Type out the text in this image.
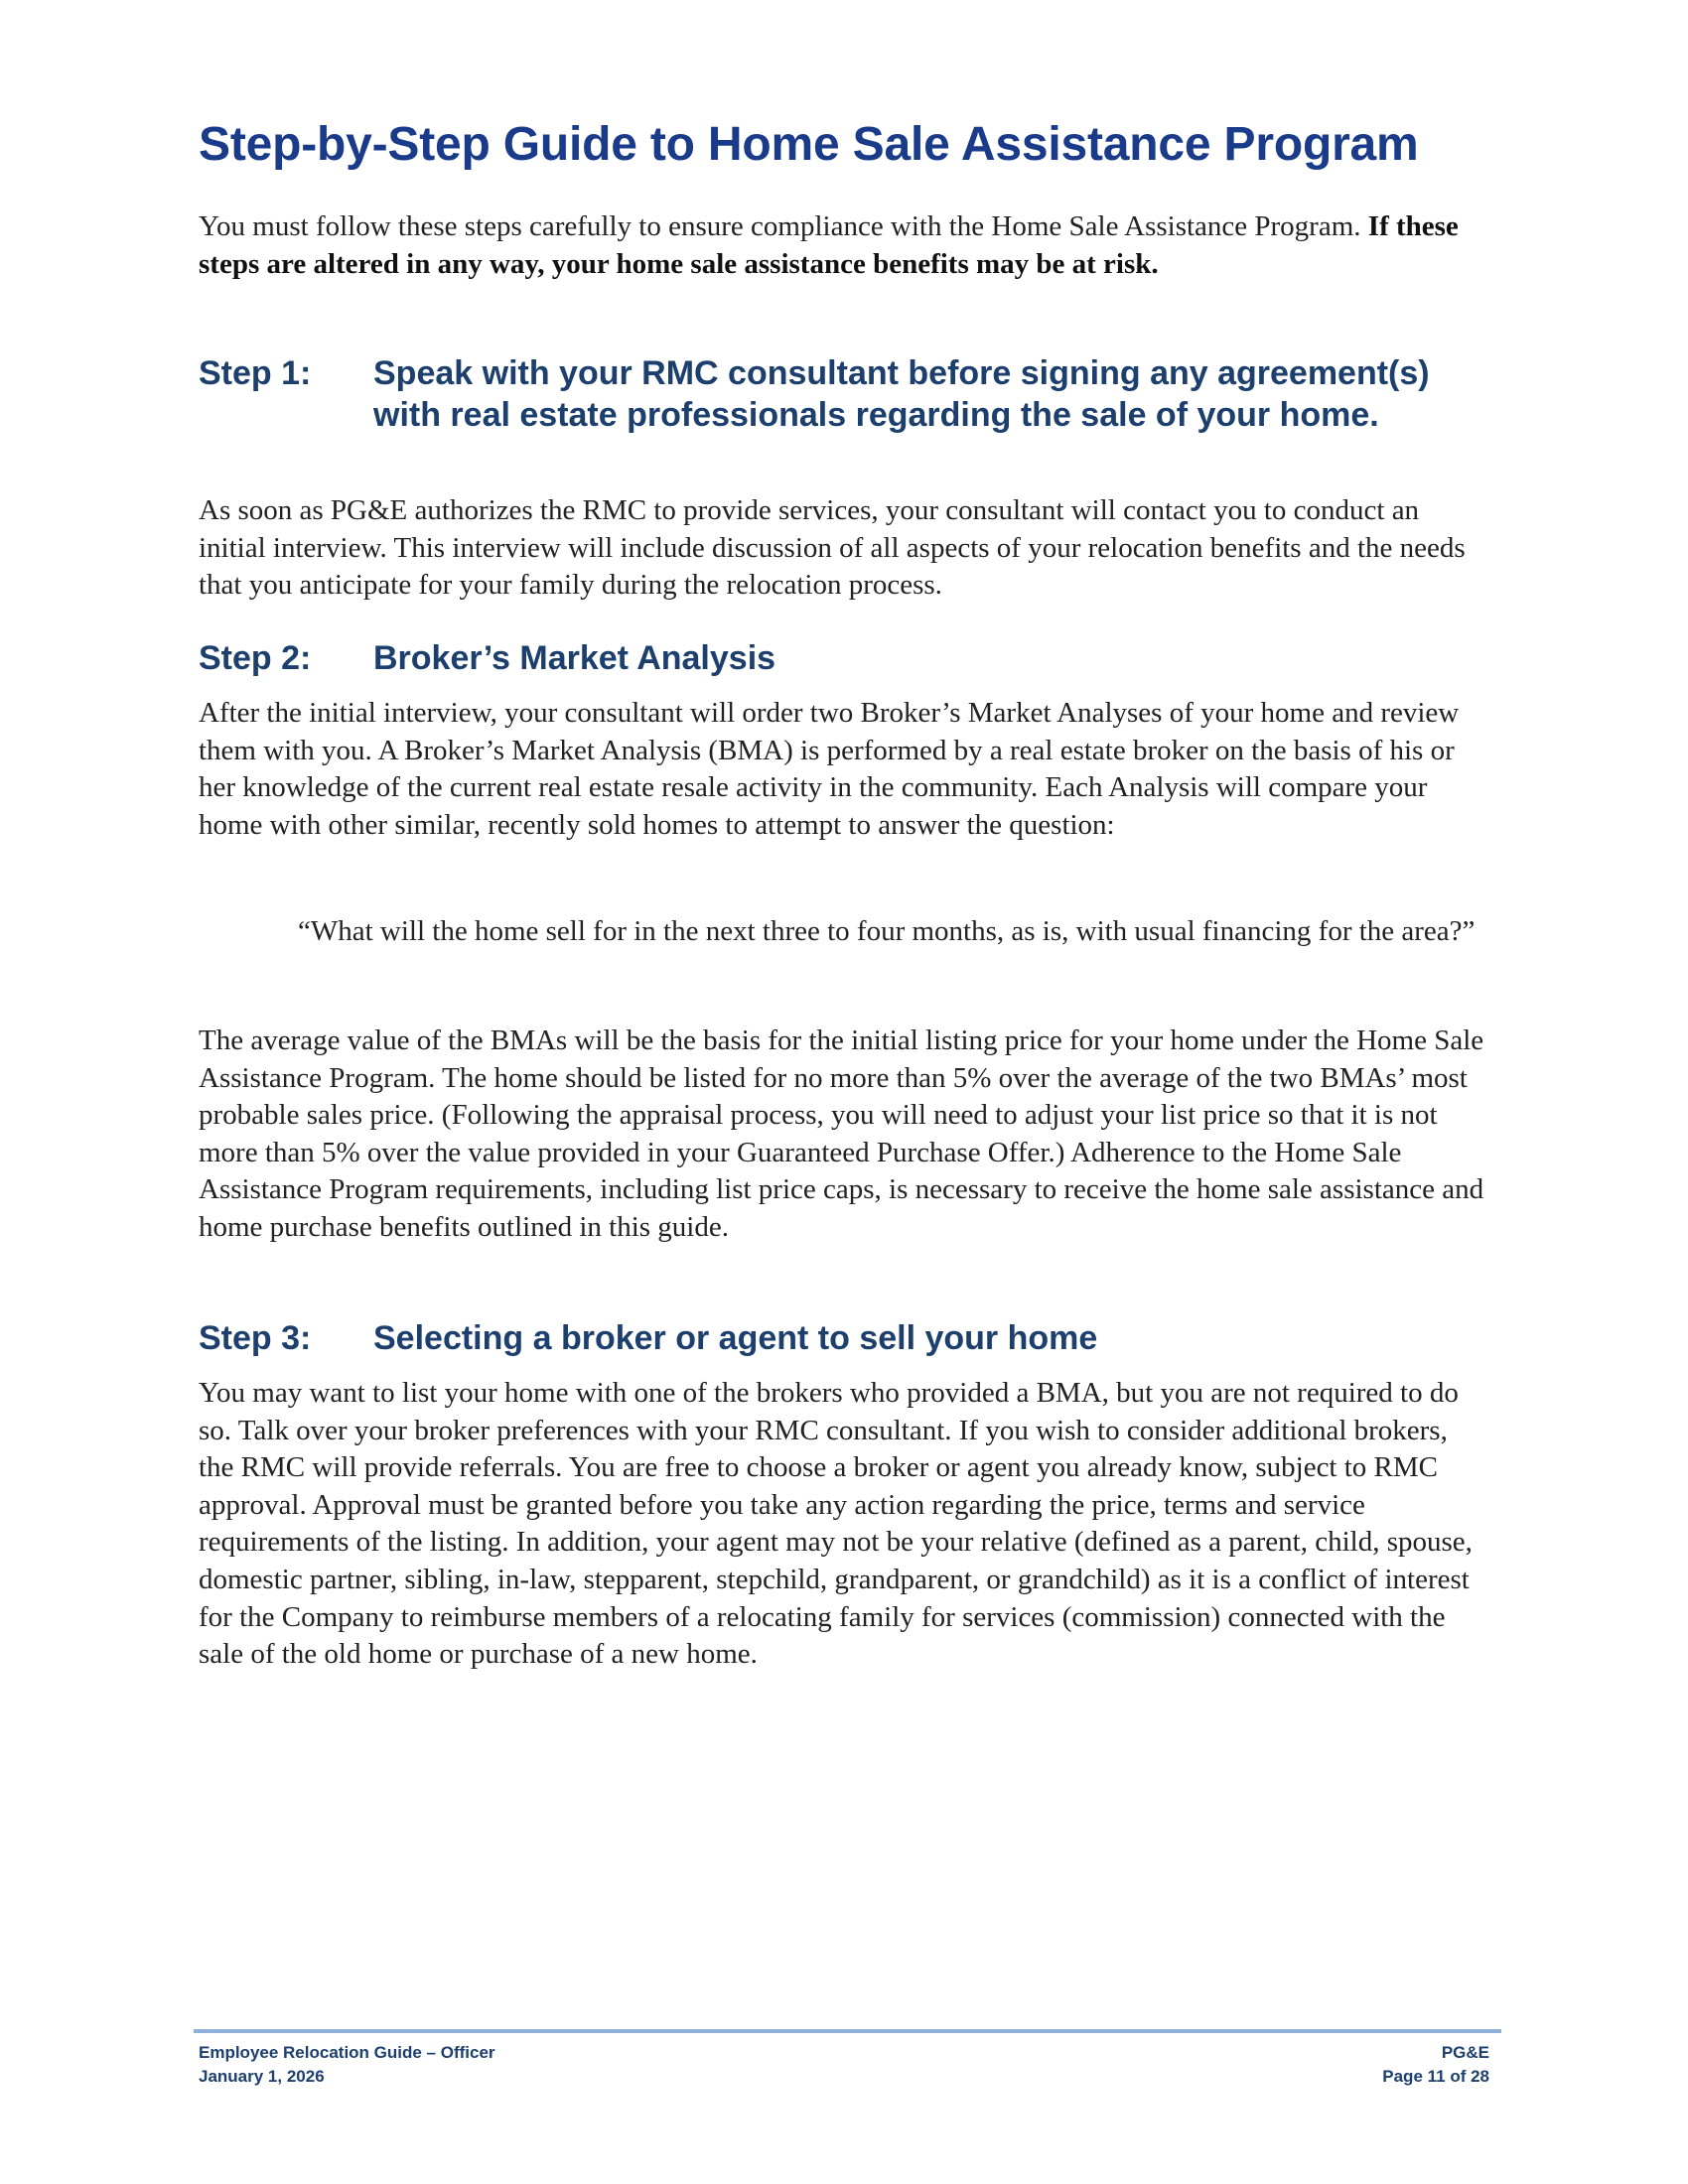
Step-by-Step Guide to Home Sale Assistance Program
You must follow these steps carefully to ensure compliance with the Home Sale Assistance Program. If these steps are altered in any way, your home sale assistance benefits may be at risk.
Step 1:	Speak with your RMC consultant before signing any agreement(s) with real estate professionals regarding the sale of your home.
As soon as PG&E authorizes the RMC to provide services, your consultant will contact you to conduct an initial interview. This interview will include discussion of all aspects of your relocation benefits and the needs that you anticipate for your family during the relocation process.
Step 2:	Broker’s Market Analysis
After the initial interview, your consultant will order two Broker’s Market Analyses of your home and review them with you. A Broker’s Market Analysis (BMA) is performed by a real estate broker on the basis of his or her knowledge of the current real estate resale activity in the community. Each Analysis will compare your home with other similar, recently sold homes to attempt to answer the question:
“What will the home sell for in the next three to four months, as is, with usual financing for the area?”
The average value of the BMAs will be the basis for the initial listing price for your home under the Home Sale Assistance Program. The home should be listed for no more than 5% over the average of the two BMAs’ most probable sales price. (Following the appraisal process, you will need to adjust your list price so that it is not more than 5% over the value provided in your Guaranteed Purchase Offer.) Adherence to the Home Sale Assistance Program requirements, including list price caps, is necessary to receive the home sale assistance and home purchase benefits outlined in this guide.
Step 3:	Selecting a broker or agent to sell your home
You may want to list your home with one of the brokers who provided a BMA, but you are not required to do so. Talk over your broker preferences with your RMC consultant. If you wish to consider additional brokers, the RMC will provide referrals. You are free to choose a broker or agent you already know, subject to RMC approval. Approval must be granted before you take any action regarding the price, terms and service requirements of the listing. In addition, your agent may not be your relative (defined as a parent, child, spouse, domestic partner, sibling, in-law, stepparent, stepchild, grandparent, or grandchild) as it is a conflict of interest for the Company to reimburse members of a relocating family for services (commission) connected with the sale of the old home or purchase of a new home.
Employee Relocation Guide – Officer
January 1, 2026
PG&E
Page 11 of 28
